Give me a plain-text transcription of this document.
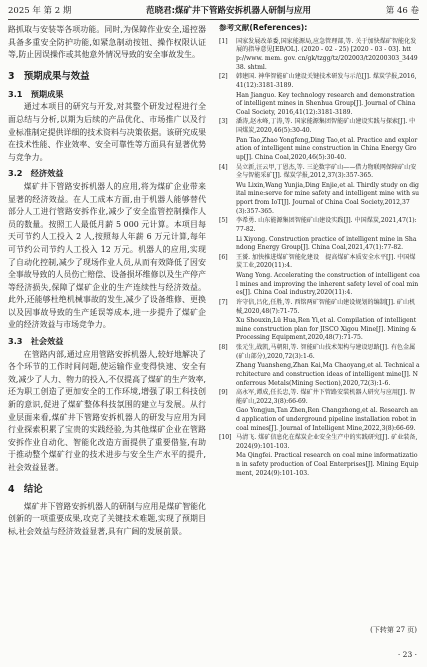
2025 年 第 2 期	范晓君:煤矿井下管路安拆机器人研制与应用	第 46 卷

路抓取与安装等各项功能。同时,为保障作业安全,遥控器具备多重安全防护功能,如紧急制动按钮、操作权限认证等,防止因误操作或其他意外情况导致的安全事故发生。

3　预期成果与效益
3.1　预期成果

通过本项目的研究与开发,对其整个研发过程进行全面总结与分析,以期为后续的产品优化、市场推广以及行业标准制定提供详细的技术资料与决策依据。该研究成果在技术性能、作业效率、安全可靠性等方面具有显著优势与竞争力。

3.2　经济效益

煤矿井下管路安拆机器人的应用,将为煤矿企业带来显著的经济效益。在人工成本方面,由于机器人能够替代部分人工进行管路安拆作业,减少了安全监管控制操作人员的数量。按照工人最低月薪 5 000 元计算。本项目每天可节约人工投入 2 人,按照每人年薪 6 万元计算,每年可节约公司节约人工投入 12 万元。机器人的应用,实现了自动化控制,减少了现场作业人员,从而有效降低了因安全事故导致的人员伤亡赔偿、设备损坏维修以及生产停产等经济损失,保障了煤矿企业的生产连续性与经济效益。此外,还能够杜绝机械事故的发生,减少了设备维修、更换以及因事故导致的生产延误等成本,进一步提升了煤矿企业的经济效益与市场竞争力。

3.3　社会效益

在管路内部,通过应用管路安拆机器人,较好地解决了各个环节的工作时间问题,使运输作业变得快速、安全有效,减少了人力、物力的投入,不仅提高了煤矿的生产效率,还为职工创造了更加安全的工作环境,增强了职工科技创新的意识,促进了煤矿整体科技氛围的建立与发展。从行业层面来看,煤矿井下管路安拆机器人的研发与应用为同行业探索积累了宝贵的实践经验,为其他煤矿企业在管路安拆作业自动化、智能化改造方面提供了重要借鉴,有助于推动整个煤矿行业的技术进步与安全生产水平的提升,社会效益显著。

4　结论

煤矿井下管路安拆机器人的研制与应用是煤矿智能化创新的一项重要成果,攻克了关键技术难题,实现了预期目标,社会效益与经济效益显著,具有广阔的发展前景。

参考文献(References):
[1]	国家发展改革委,国家能源局,应急管理部,等. 关于加快煤矿智能化发展的指导意见[EB/OL]. (2020 - 02 - 25) [2020 - 03 - 03]. http://www. mem. gov. cn/gk/tzgg/tz/202003/t20200303_344938. shtml.
[2]	韩建国. 神华智能矿山建设关键技术研发与示范[J]. 煤炭学报,2016,41(12):3181-3189.
Han Jianguo. Key technology research and demonstration of intelligent mines in Shenhua Group[J]. Journal of China Coal Society, 2016,41(12):3181-3189.
[3]	潘涛,赵永峰,丁涛,等. 国家能源集团智能矿山建设实践与探索[J]. 中国煤炭,2020,46(5):30-40.
Pan Tao,Zhao Yongfeng,Ding Tao,et al. Practice and exploration of intelligent mine construction in China Energy Group[J]. China Coal,2020,46(5):30-40.
[4]	吴立新,汪云甲,丁恩杰,等. 三论数字矿山——借力物联网保障矿山安全与智能采矿[J]. 煤炭学报,2012,37(3):357-365.
Wu Lixin,Wang Yunjia,Ding Enjie,et al. Thirdly study on digital mine:serve for mine safety and intelligent mine with support from IoT[J]. Journal of China Coal Society,2012,37(3):357-365.
[5]	李希勇. 山东能源集团智能矿山建设实践[J]. 中国煤炭,2021,47(1):77-82.
Li Xiyong. Construction practice of intelligent mine in Shandong Energy Group[J]. China Coal,2021,47(1):77-82.
[6]	王赟. 加快推进煤矿智能化建设　提高煤矿本质安全水平[J]. 中国煤炭工业,2020(11):4.
Wang Yong. Accelerating the construction of intelligent coal mines and improving the inherent safety level of coal mines[J]. China Coal industry,2020(11):4.
[7]	许守信,吕化,任胜,等. 西铭两矿智能矿山建设规划的编制[J]. 矿山机械,2020,48(7):71-75.
Xu Shouxin,Lü Hua,Ren Yi,et al. Compilation of intelligent mine construction plan for JISCO Xigou Mine[J]. Mining & Processing Equipment,2020,48(7):71-75.
[8]	张元生,战凯,马朝阳,等. 智能矿山技术架构与建设思路[J]. 有色金属(矿山部分),2020,72(3):1-6.
Zhang Yuansheng,Zhan Kai,Ma Chaoyang,et al. Technical architecture and construction ideas of intelligent mine[J]. Nonferrous Metals(Mining Section),2020,72(3):1-6.
[9]	高永军,谭成,任长忠,等. 煤矿井下管路安装机器人研究与应用[J]. 智能矿山,2022,3(8):66-69.
Gao Yongjun,Tan Zhen,Ren Changzhong,et al. Research and application of underground pipeline installation robot in coal mines[J]. Journal of Intelligent Mine,2022,3(8):66-69.
[10] 马清飞. 煤矿信息化在煤炭企业安全生产中的实践研究[J]. 矿业装备,2024(9):101-103.
Ma Qingfei. Practical research on coal mine informatization in safety production of Coal Enterprises[J]. Mining Equipment, 2024(9):101-103.
(下转第 27 页)
· 23 ·
